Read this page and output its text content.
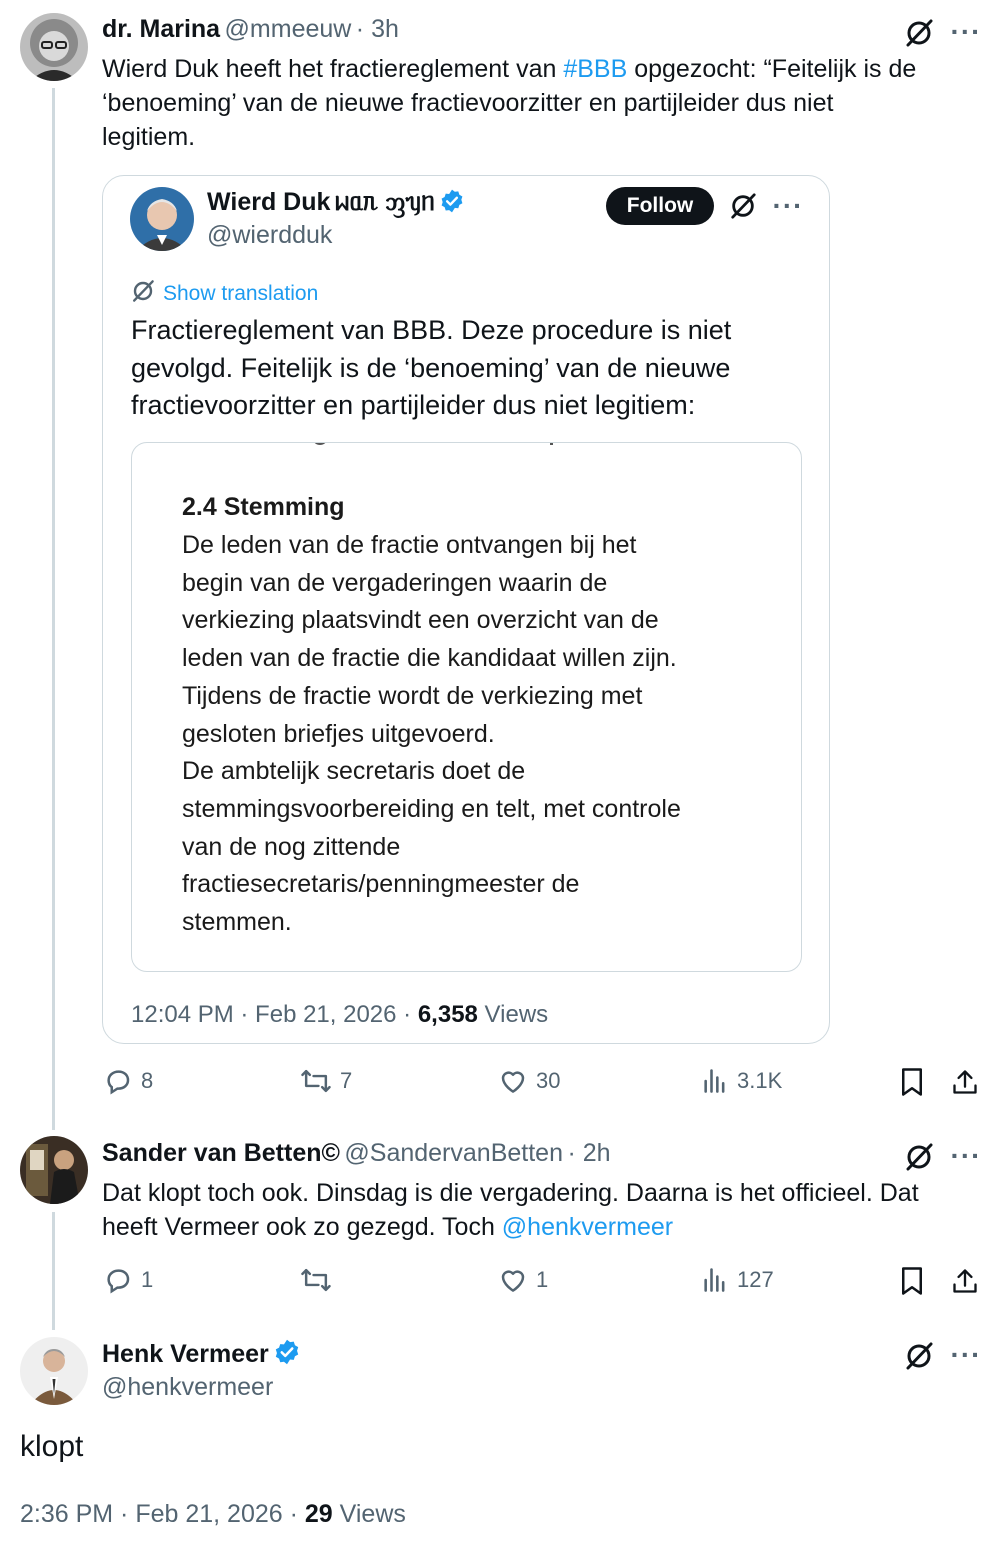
dr. Marina @mmeeuw · 3h	···
Wierd Duk heeft het fractiereglement van #BBB opgezocht: “Feitelijk is de
‘benoeming’ van de nieuwe fractievoorzitter en partijleider dus niet
legitiem.
Wierd Duk ᥕᥲᥰ ᦀᥡᥒ
@wierdduk
Follow	···
Show translation
Fractiereglement van BBB. Deze procedure is niet
gevolgd. Feitelijk is de ‘benoeming’ van de nieuwe
fractievoorzitter en partijleider dus niet legitiem:
2.4 Stemming
De leden van de fractie ontvangen bij het
begin van de vergaderingen waarin de
verkiezing plaatsvindt een overzicht van de
leden van de fractie die kandidaat willen zijn.
Tijdens de fractie wordt de verkiezing met
gesloten briefjes uitgevoerd.
De ambtelijk secretaris doet de
stemmingsvoorbereiding en telt, met controle
van de nog zittende
fractiesecretaris/penningmeester de
stemmen.
12:04 PM · Feb 21, 2026 · 6,358 Views
8	7	30	3.1K
Sander van Betten© @SandervanBetten · 2h	···
Dat klopt toch ook. Dinsdag is die vergadering. Daarna is het officieel. Dat
heeft Vermeer ook zo gezegd. Toch @henkvermeer
1	1	127
Henk Vermeer
@henkvermeer
···
klopt
2:36 PM · Feb 21, 2026 · 29 Views
